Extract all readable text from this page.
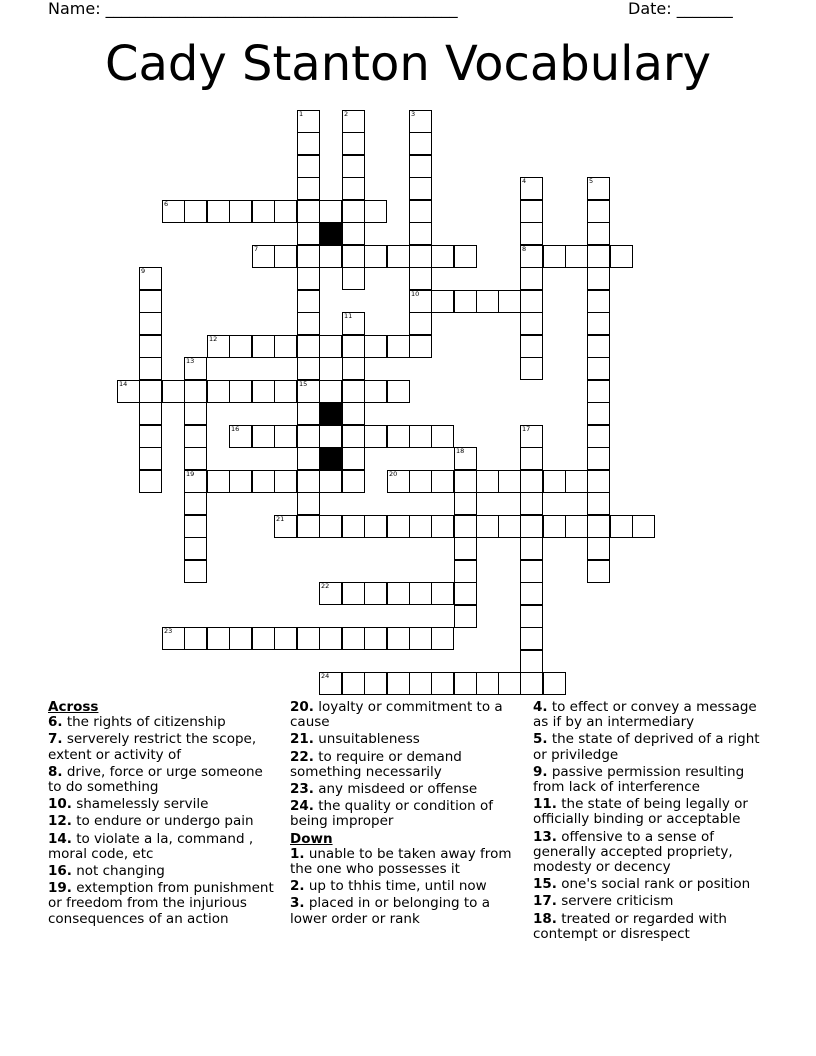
Name: ____________________________________________	Date: _______
Cady Stanton Vocabulary
1
15
2	3
10
4
8
5
6
7
9
11
12
13
19
14
16
18
17
20
21
22
23
24
Across
6. the rights of citizenship
7. serverely restrict the scope, extent or activity of
8. drive, force or urge someone to do something
10. shamelessly servile
12. to endure or undergo pain
14. to violate a la, command , moral code, etc
16. not changing
19. extemption from punishment or freedom from the injurious consequences of an action
20. loyalty or commitment to a cause
21. unsuitableness
22. to require or demand something necessarily
23. any misdeed or offense
24. the quality or condition of being improper
Down
1. unable to be taken away from the one who possesses it
2. up to thhis time, until now
3. placed in or belonging to a lower order or rank
4. to effect or convey a message as if by an intermediary
5. the state of deprived of a right or priviledge
9. passive permission resulting from lack of interference
11. the state of being legally or officially binding or acceptable
13. offensive to a sense of generally accepted propriety, modesty or decency
15. one's social rank or position
17. servere criticism
18. treated or regarded with contempt or disrespect
